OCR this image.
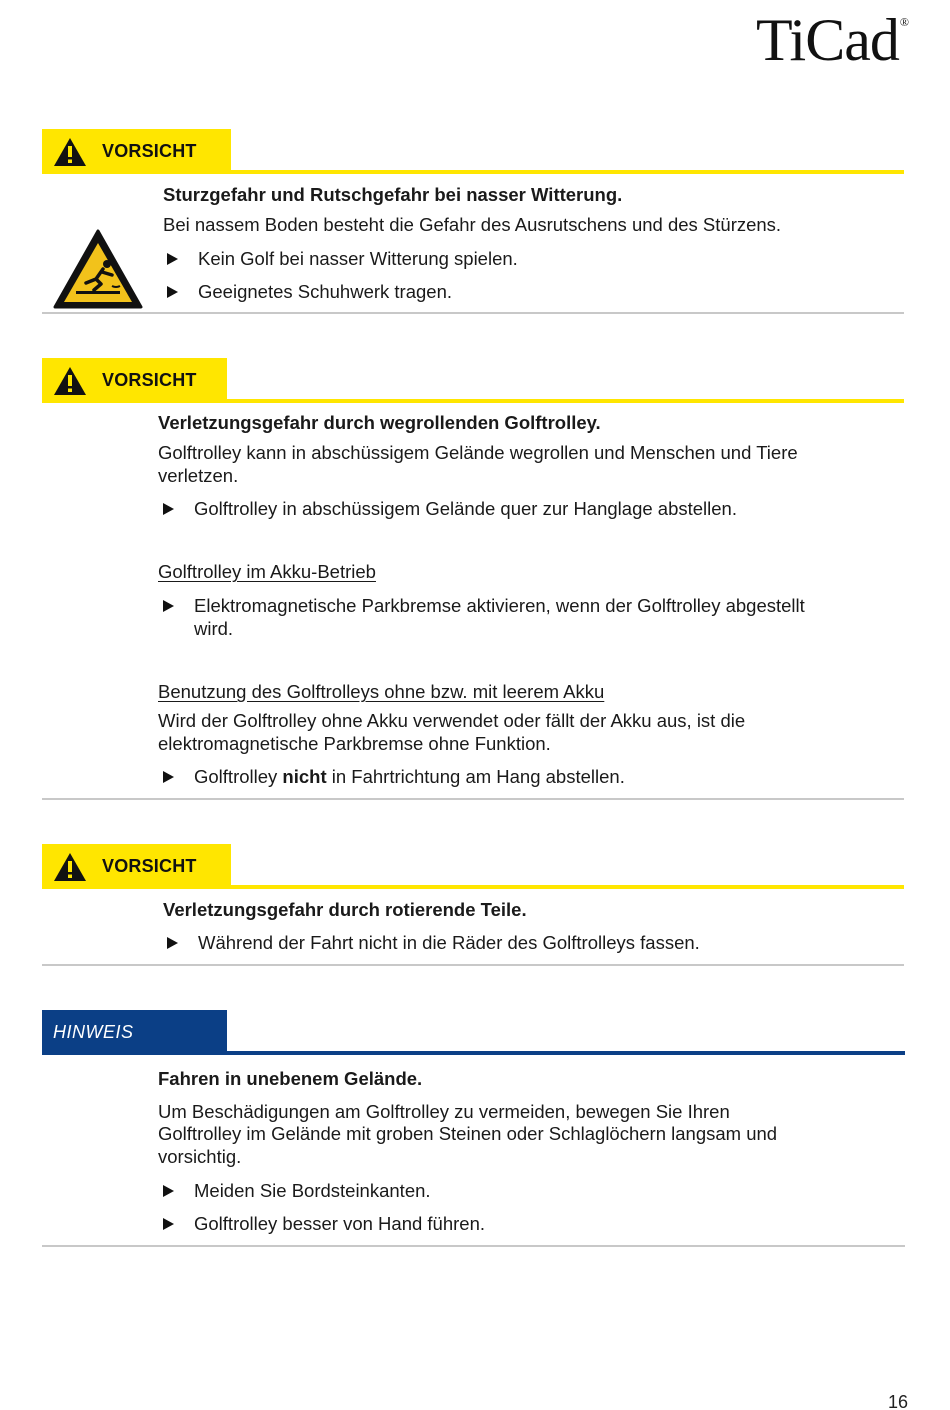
TiCad®
VORSICHT
Sturzgefahr und Rutschgefahr bei nasser Witterung.
Bei nassem Boden besteht die Gefahr des Ausrutschens und des Stürzens.
Kein Golf bei nasser Witterung spielen.
Geeignetes Schuhwerk tragen.
VORSICHT
Verletzungsgefahr durch wegrollenden Golftrolley.
Golftrolley kann in abschüssigem Gelände wegrollen und Menschen und Tiere
verletzen.
Golftrolley in abschüssigem Gelände quer zur Hanglage abstellen.
Golftrolley im Akku-Betrieb
Elektromagnetische Parkbremse aktivieren, wenn der Golftrolley abgestellt
wird.
Benutzung des Golftrolleys ohne bzw. mit leerem Akku
Wird der Golftrolley ohne Akku verwendet oder fällt der Akku aus, ist die
elektromagnetische Parkbremse ohne Funktion.
Golftrolley nicht in Fahrtrichtung am Hang abstellen.
VORSICHT
Verletzungsgefahr durch rotierende Teile.
Während der Fahrt nicht in die Räder des Golftrolleys fassen.
HINWEIS
Fahren in unebenem Gelände.
Um Beschädigungen am Golftrolley zu vermeiden, bewegen Sie Ihren
Golftrolley im Gelände mit groben Steinen oder Schlaglöchern langsam und
vorsichtig.
Meiden Sie Bordsteinkanten.
Golftrolley besser von Hand führen.
16
